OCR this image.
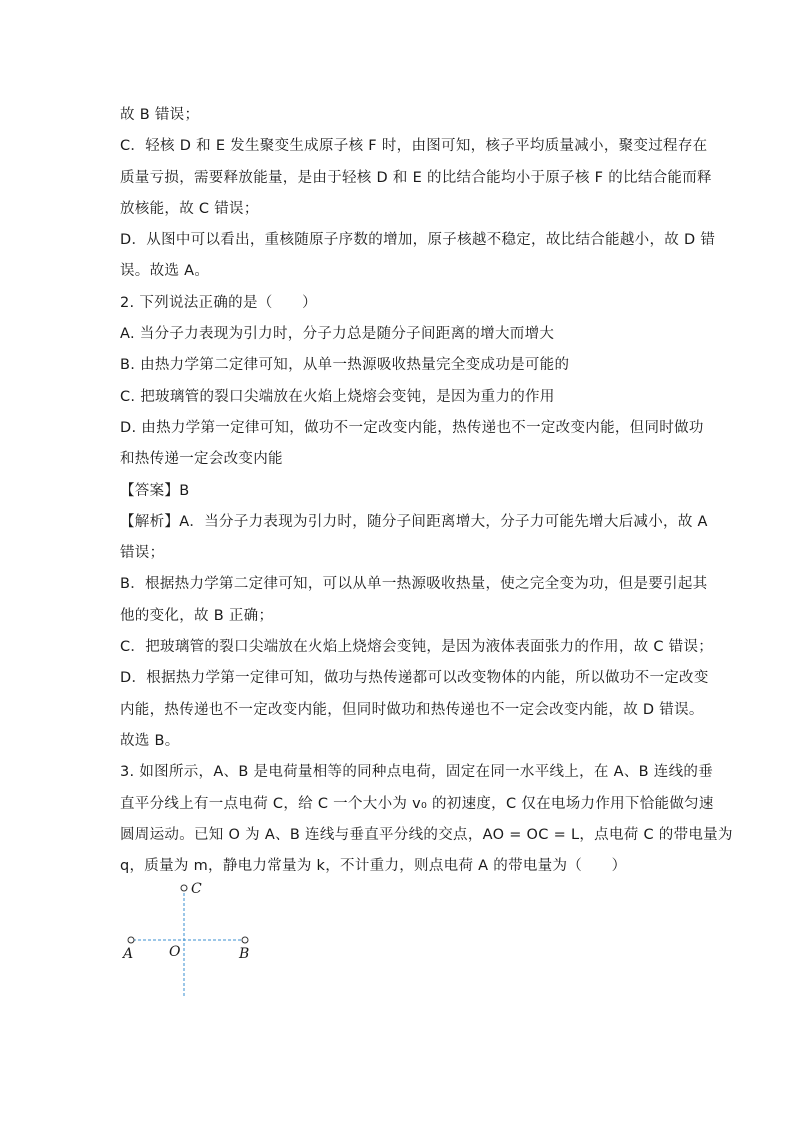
故 B 错误；
C．轻核 D 和 E 发生聚变生成原子核 F 时，由图可知，核子平均质量减小，聚变过程存在
质量亏损，需要释放能量，是由于轻核 D 和 E 的比结合能均小于原子核 F 的比结合能而释
放核能，故 C 错误；
D．从图中可以看出，重核随原子序数的增加，原子核越不稳定，故比结合能越小，故 D 错
误。故选 A。
2. 下列说法正确的是（　　）
A. 当分子力表现为引力时，分子力总是随分子间距离的增大而增大
B. 由热力学第二定律可知，从单一热源吸收热量完全变成功是可能的
C. 把玻璃管的裂口尖端放在火焰上烧熔会变钝，是因为重力的作用
D. 由热力学第一定律可知，做功不一定改变内能，热传递也不一定改变内能，但同时做功
和热传递一定会改变内能
【答案】B
【解析】A．当分子力表现为引力时，随分子间距离增大，分子力可能先增大后减小，故 A
错误；
B．根据热力学第二定律可知，可以从单一热源吸收热量，使之完全变为功，但是要引起其
他的变化，故 B 正确；
C．把玻璃管的裂口尖端放在火焰上烧熔会变钝，是因为液体表面张力的作用，故 C 错误；
D．根据热力学第一定律可知，做功与热传递都可以改变物体的内能，所以做功不一定改变
内能，热传递也不一定改变内能，但同时做功和热传递也不一定会改变内能，故 D 错误。
故选 B。
3. 如图所示，A、B 是电荷量相等的同种点电荷，固定在同一水平线上，在 A、B 连线的垂
直平分线上有一点电荷 C，给 C 一个大小为 v₀ 的初速度，C 仅在电场力作用下恰能做匀速
圆周运动。已知 O 为 A、B 连线与垂直平分线的交点，AO = OC = L，点电荷 C 的带电量为
q，质量为 m，静电力常量为 k，不计重力，则点电荷 A 的带电量为（　　）
C
A	O	B
